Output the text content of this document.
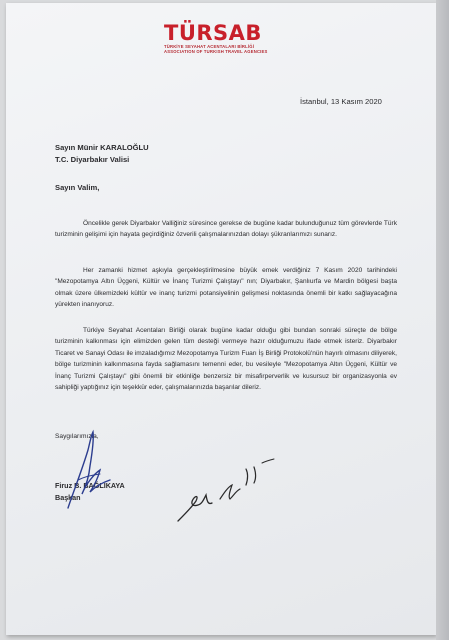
TÜRSAB
TÜRKİYE SEYAHAT ACENTALARI BİRLİĞİ
ASSOCIATION OF TURKISH TRAVEL AGENCIES
İstanbul, 13 Kasım 2020
Sayın Münir KARALOĞLU
T.C. Diyarbakır Valisi
Sayın Valim,

Öncelikle gerek Diyarbakır Valliğiniz süresince gerekse de bugüne kadar bulunduğunuz tüm görevlerde Türk turizminin gelişimi için hayata geçirdiğiniz özverili çalışmalarınızdan dolayı şükranlarımızı sunarız.

Her zamanki hizmet aşkıyla gerçekleştirilmesine büyük emek verdiğiniz 7 Kasım 2020 tarihindeki "Mezopotamya Altın Üçgeni, Kültür ve İnanç Turizmi Çalıştayı" nın; Diyarbakır, Şanlıurfa ve Mardin bölgesi başta olmak üzere ülkemizdeki kültür ve inanç turizmi potansiyelinin gelişmesi noktasında önemli bir katkı sağlayacağına yürekten inanıyoruz.

Türkiye Seyahat Acentaları Birliği olarak bugüne kadar olduğu gibi bundan sonraki süreçte de bölge turizminin kalkınması için elimizden gelen tüm desteği vermeye hazır olduğumuzu ifade etmek isteriz. Diyarbakır Ticaret ve Sanayi Odası ile imzaladığımız Mezopotamya Turizm Fuarı İş Birliği Protokolü'nün hayırlı olmasını diliyerek, bölge turizminin kalkınmasına fayda sağlamasını temenni eder, bu vesileyle "Mezopotamya Altın Üçgeni, Kültür ve İnanç Turizmi Çalıştayı" gibi önemli bir etkinliğe benzersiz bir misafirperverlik ve kusursuz bir organizasyonla ev sahipliği yaptığınız için teşekkür eder, çalışmalarınızda başarılar dileriz.

Saygılarımızla,
Firuz B. BAĞLIKAYA
Başkan
